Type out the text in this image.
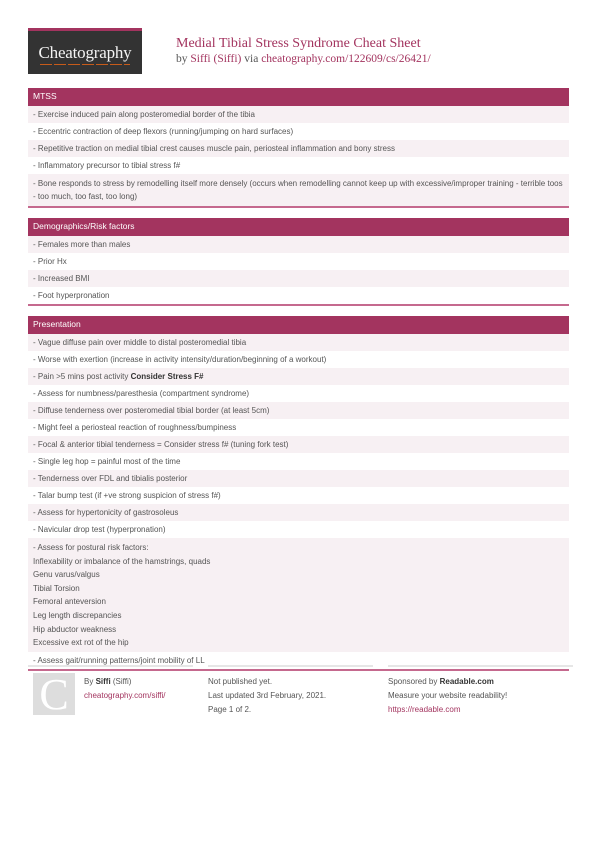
Cheatography	Medial Tibial Stress Syndrome Cheat Sheet
by Siffi (Siffi) via cheatography.com/122609/cs/26421/
MTSS
- Exercise induced pain along posteromedial border of the tibia
- Eccentric contraction of deep flexors (running/jumping on hard surfaces)
- Repetitive traction on medial tibial crest causes muscle pain, periosteal inflammation and bony stress
- Inflammatory precursor to tibial stress f#
- Bone responds to stress by remodelling itself more densely (occurs when remodelling cannot keep up with excessive/improper training - terrible toos - too much, too fast, too long)
Demographics/Risk factors
- Females more than males
- Prior Hx
- Increased BMI
- Foot hyperpronation
Presentation
- Vague diffuse pain over middle to distal posteromedial tibia
- Worse with exertion (increase in activity intensity/duration/beginning of a workout)
- Pain >5 mins post activity Consider Stress F#
- Assess for numbness/paresthesia (compartment syndrome)
- Diffuse tenderness over posteromedial tibial border (at least 5cm)
- Might feel a periosteal reaction of roughness/bumpiness
- Focal & anterior tibial tenderness = Consider stress f# (tuning fork test)
- Single leg hop = painful most of the time
- Tenderness over FDL and tibialis posterior
- Talar bump test (if +ve strong suspicion of stress f#)
- Assess for hypertonicity of gastrosoleus
- Navicular drop test (hyperpronation)
- Assess for postural risk factors:
Inflexability or imbalance of the hamstrings, quads
Genu varus/valgus
Tibial Torsion
Femoral anteversion
Leg length discrepancies
Hip abductor weakness
Excessive ext rot of the hip
- Assess gait/running patterns/joint mobility of LL
C	By Siffi (Siffi)
cheatography.com/siffi/
Not published yet.
Last updated 3rd February, 2021.
Page 1 of 2.
Sponsored by Readable.com
Measure your website readability!
https://readable.com
